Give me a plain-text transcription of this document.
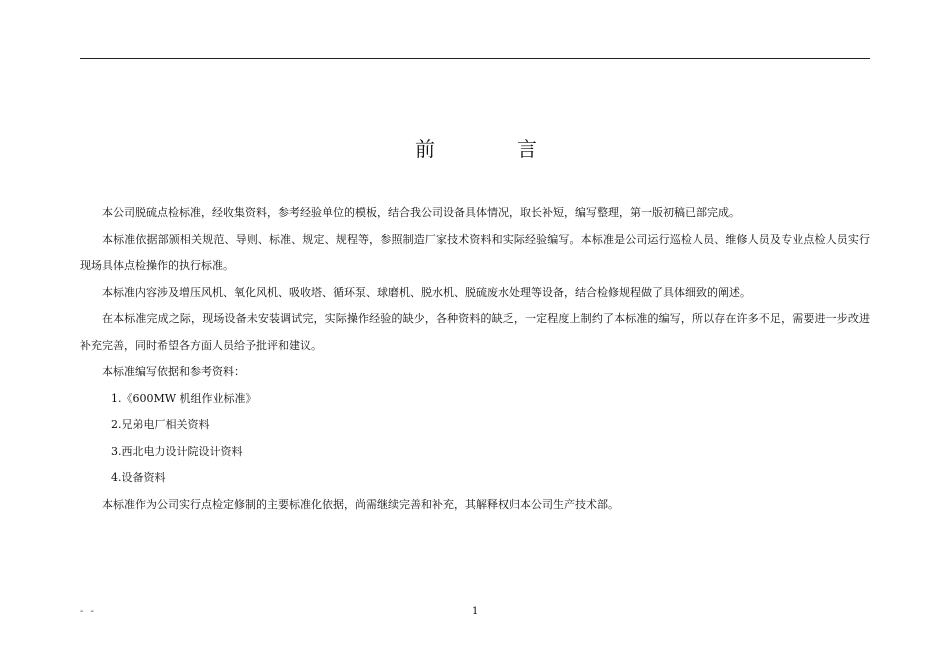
前	言

本公司脱硫点检标准，经收集资料，参考经验单位的模板，结合我公司设备具体情况，取长补短，编写整理，第一版初稿已部完成。

本标准依据部颁相关规范、导则、标准、规定、规程等，参照制造厂家技术资料和实际经验编写。本标准是公司运行巡检人员、维修人员及专业点检人员实行现场具体点检操作的执行标准。

本标准内容涉及增压风机、氧化风机、吸收塔、循环泵、球磨机、脱水机、脱硫废水处理等设备，结合检修规程做了具体细致的阐述。

在本标准完成之际，现场设备未安装调试完，实际操作经验的缺少，各种资料的缺乏，一定程度上制约了本标准的编写，所以存在许多不足，需要进一步改进补充完善，同时希望各方面人员给予批评和建议。

本标准编写依据和参考资料：

1.《600MW 机组作业标准》

2.兄弟电厂相关资料

3.西北电力设计院设计资料

4.设备资料

本标准作为公司实行点检定修制的主要标准化依据，尚需继续完善和补充，其解释权归本公司生产技术部。

- -	1
